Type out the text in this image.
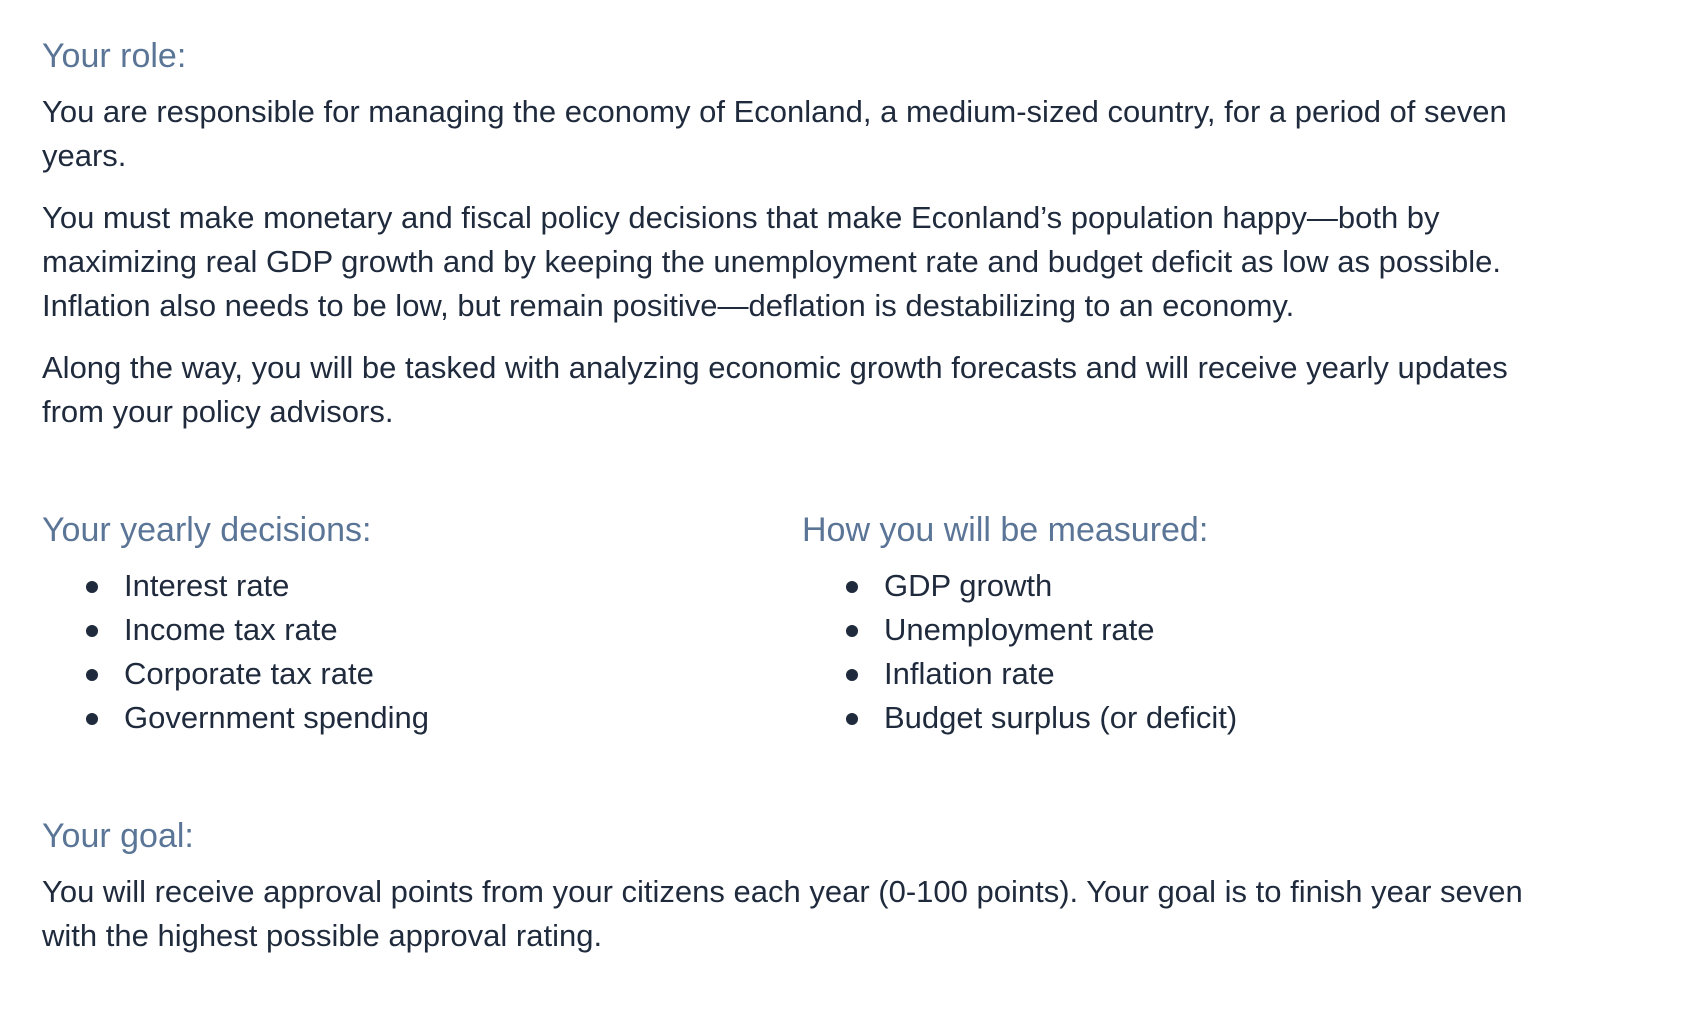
Your role:

You are responsible for managing the economy of Econland, a medium-sized country, for a period of seven years.

You must make monetary and fiscal policy decisions that make Econland’s population happy—both by maximizing real GDP growth and by keeping the unemployment rate and budget deficit as low as possible. Inflation also needs to be low, but remain positive—deflation is destabilizing to an economy.

Along the way, you will be tasked with analyzing economic growth forecasts and will receive yearly updates from your policy advisors.

Your yearly decisions:
Interest rate
Income tax rate
Corporate tax rate
Government spending
How you will be measured:
GDP growth
Unemployment rate
Inflation rate
Budget surplus (or deficit)
Your goal:

You will receive approval points from your citizens each year (0-100 points). Your goal is to finish year seven with the highest possible approval rating.
